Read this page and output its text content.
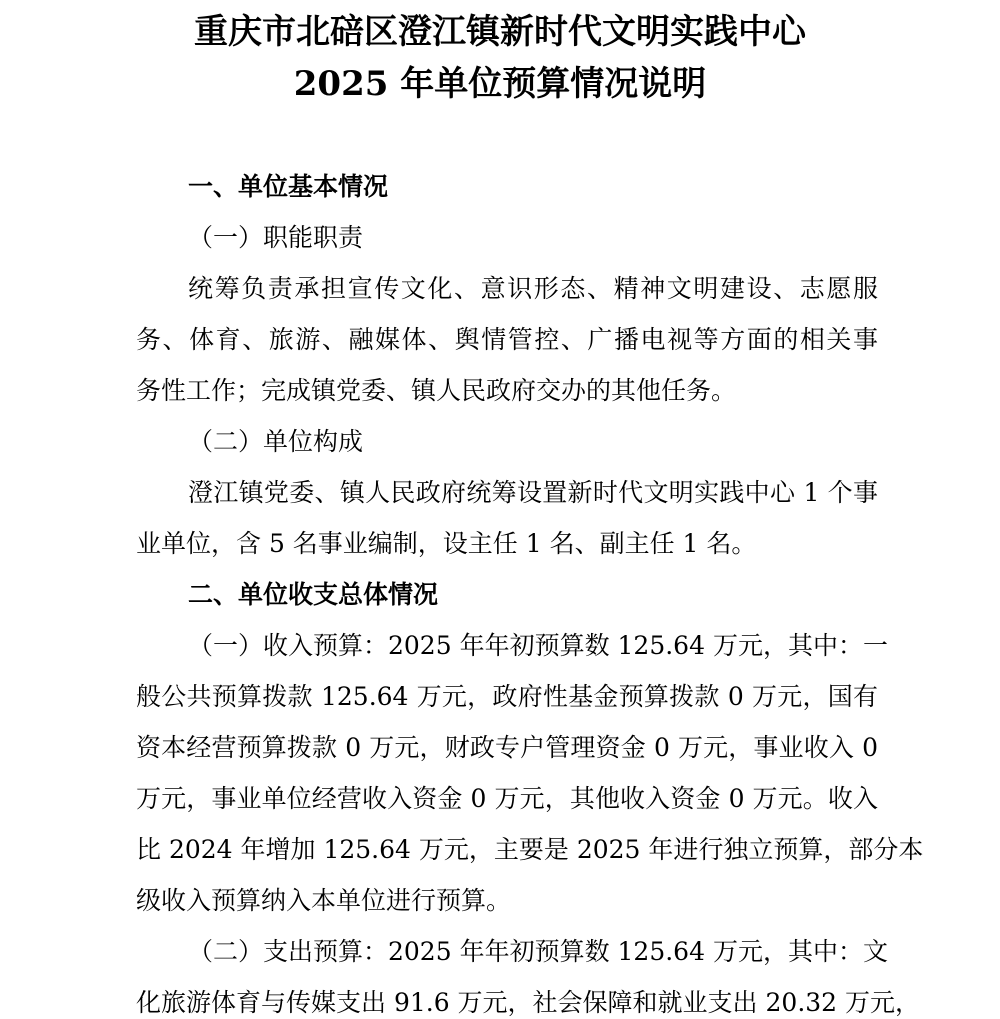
重庆市北碚区澄江镇新时代文明实践中心
2025 年单位预算情况说明
一、单位基本情况
（一）职能职责
统筹负责承担宣传文化、意识形态、精神文明建设、志愿服
务、体育、旅游、融媒体、舆情管控、广播电视等方面的相关事
务性工作；完成镇党委、镇人民政府交办的其他任务。
（二）单位构成
澄江镇党委、镇人民政府统筹设置新时代文明实践中心 1 个事
业单位，含 5 名事业编制，设主任 1 名、副主任 1 名。
二、单位收支总体情况
（一）收入预算：2025 年年初预算数 125.64 万元，其中：一
般公共预算拨款 125.64 万元，政府性基金预算拨款 0 万元，国有
资本经营预算拨款 0 万元，财政专户管理资金 0 万元，事业收入 0
万元，事业单位经营收入资金 0 万元，其他收入资金 0 万元。收入
比 2024 年增加 125.64 万元，主要是 2025 年进行独立预算，部分本
级收入预算纳入本单位进行预算。
（二）支出预算：2025 年年初预算数 125.64 万元，其中：文
化旅游体育与传媒支出 91.6 万元，社会保障和就业支出 20.32 万元，
